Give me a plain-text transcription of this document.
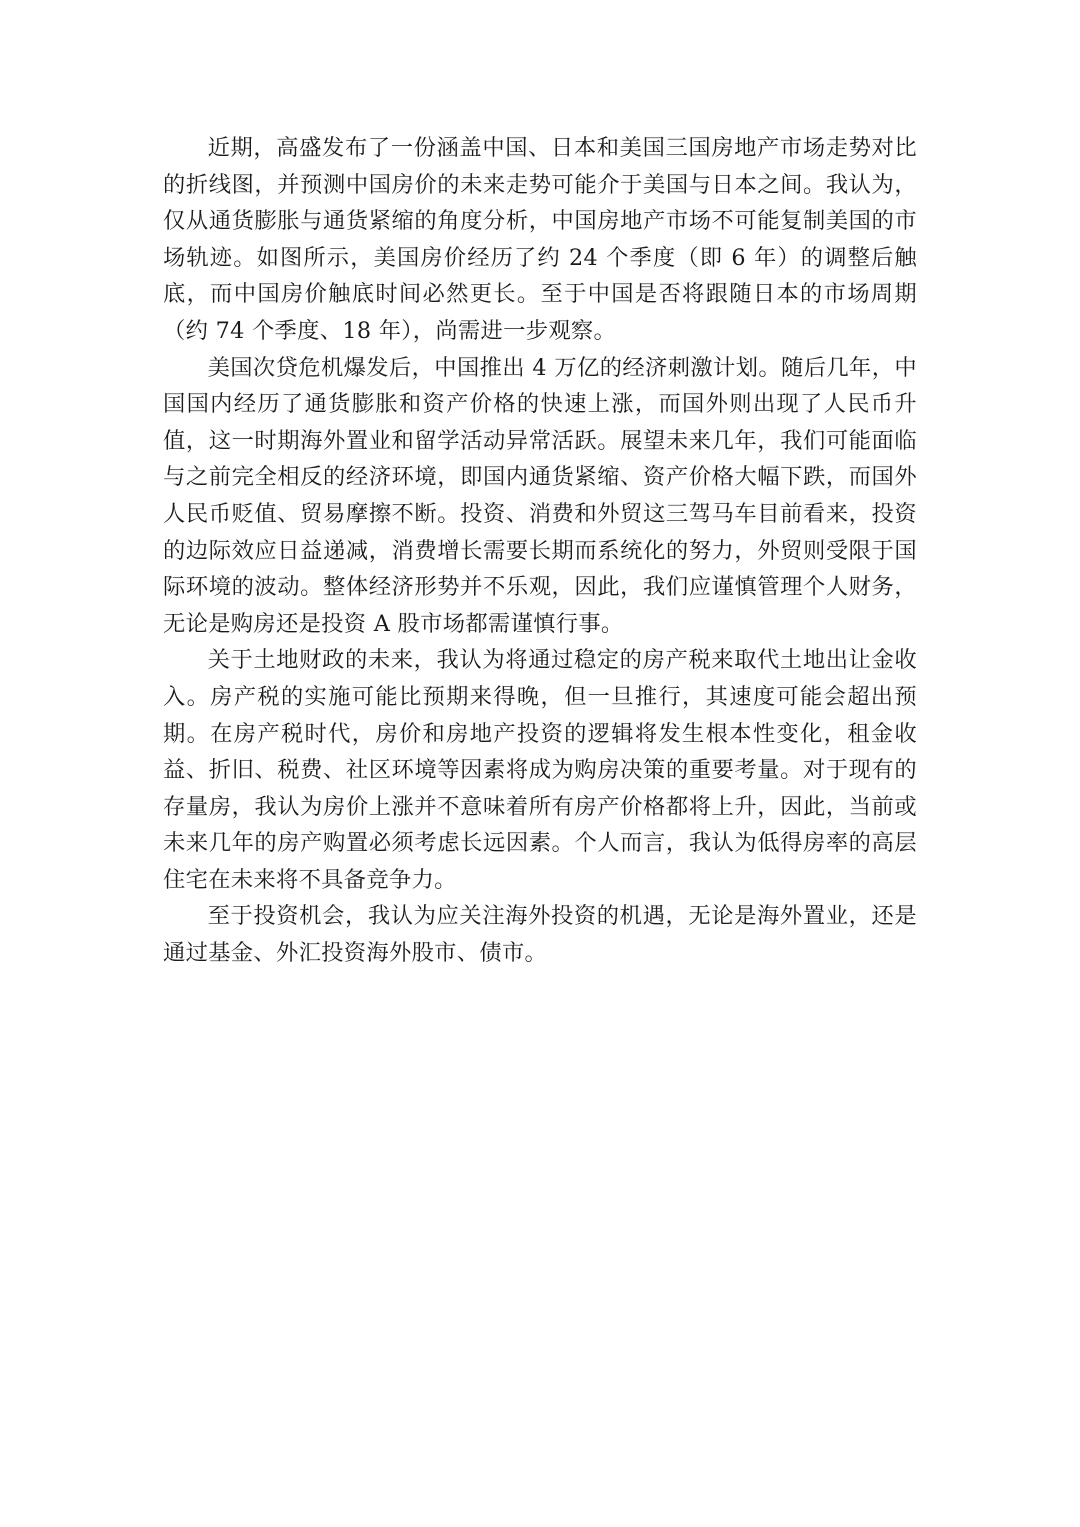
近期，高盛发布了一份涵盖中国、日本和美国三国房地产市场走势对比的折线图，并预测中国房价的未来走势可能介于美国与日本之间。我认为，仅从通货膨胀与通货紧缩的角度分析，中国房地产市场不可能复制美国的市场轨迹。如图所示，美国房价经历了约 24 个季度（即 6 年）的调整后触底，而中国房价触底时间必然更长。至于中国是否将跟随日本的市场周期（约 74 个季度、18 年），尚需进一步观察。

美国次贷危机爆发后，中国推出 4 万亿的经济刺激计划。随后几年，中国国内经历了通货膨胀和资产价格的快速上涨，而国外则出现了人民币升值，这一时期海外置业和留学活动异常活跃。展望未来几年，我们可能面临与之前完全相反的经济环境，即国内通货紧缩、资产价格大幅下跌，而国外人民币贬值、贸易摩擦不断。投资、消费和外贸这三驾马车目前看来，投资的边际效应日益递减，消费增长需要长期而系统化的努力，外贸则受限于国际环境的波动。整体经济形势并不乐观，因此，我们应谨慎管理个人财务，无论是购房还是投资 A 股市场都需谨慎行事。

关于土地财政的未来，我认为将通过稳定的房产税来取代土地出让金收入。房产税的实施可能比预期来得晚，但一旦推行，其速度可能会超出预期。在房产税时代，房价和房地产投资的逻辑将发生根本性变化，租金收益、折旧、税费、社区环境等因素将成为购房决策的重要考量。对于现有的存量房，我认为房价上涨并不意味着所有房产价格都将上升，因此，当前或未来几年的房产购置必须考虑长远因素。个人而言，我认为低得房率的高层住宅在未来将不具备竞争力。

至于投资机会，我认为应关注海外投资的机遇，无论是海外置业，还是通过基金、外汇投资海外股市、债市。
